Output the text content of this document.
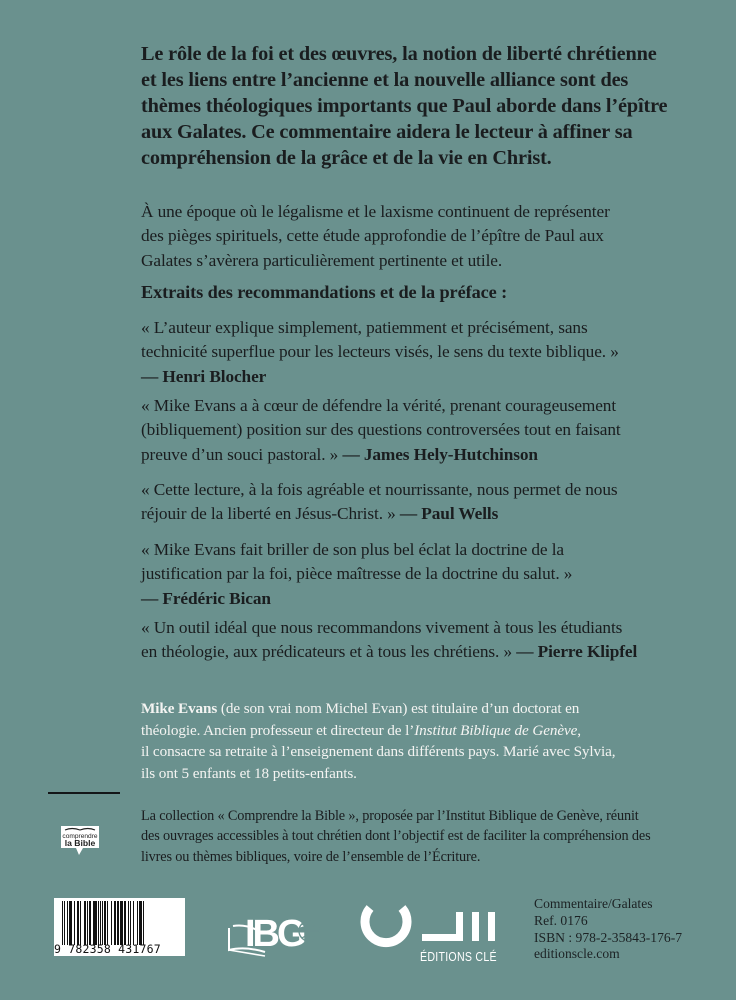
Le rôle de la foi et des œuvres, la notion de liberté chrétienne
et les liens entre l’ancienne et la nouvelle alliance sont des
thèmes théologiques importants que Paul aborde dans l’épître
aux Galates. Ce commentaire aidera le lecteur à affiner sa
compréhension de la grâce et de la vie en Christ.
À une époque où le légalisme et le laxisme continuent de représenter
des pièges spirituels, cette étude approfondie de l’épître de Paul aux
Galates s’avèrera particulièrement pertinente et utile.
Extraits des recommandations et de la préface :
« L’auteur explique simplement, patiemment et précisément, sans
technicité superflue pour les lecteurs visés, le sens du texte biblique. »
— Henri Blocher
« Mike Evans a à cœur de défendre la vérité, prenant courageusement
(bibliquement) position sur des questions controversées tout en faisant
preuve d’un souci pastoral. » — James Hely-Hutchinson
« Cette lecture, à la fois agréable et nourrissante, nous permet de nous
réjouir de la liberté en Jésus-Christ. » — Paul Wells
« Mike Evans fait briller de son plus bel éclat la doctrine de la
justification par la foi, pièce maîtresse de la doctrine du salut. »
— Frédéric Bican
« Un outil idéal que nous recommandons vivement à tous les étudiants
en théologie, aux prédicateurs et à tous les chrétiens. » — Pierre Klipfel
Mike Evans (de son vrai nom Michel Evan) est titulaire d’un doctorat en
théologie. Ancien professeur et directeur de l’Institut Biblique de Genève,
il consacre sa retraite à l’enseignement dans différents pays. Marié avec Sylvia,
ils ont 5 enfants et 18 petits-enfants.
comprendre
la Bible
La collection « Comprendre la Bible », proposée par l’Institut Biblique de Genève, réunit
des ouvrages accessibles à tout chrétien dont l’objectif est de faciliter la compréhension des
livres ou thèmes bibliques, voire de l’ensemble de l’Écriture.
9 782358 431767	IBG
ÉDITIONS CLÉ
Commentaire/Galates
Ref. 0176
ISBN : 978-2-35843-176-7
editionscle.com
